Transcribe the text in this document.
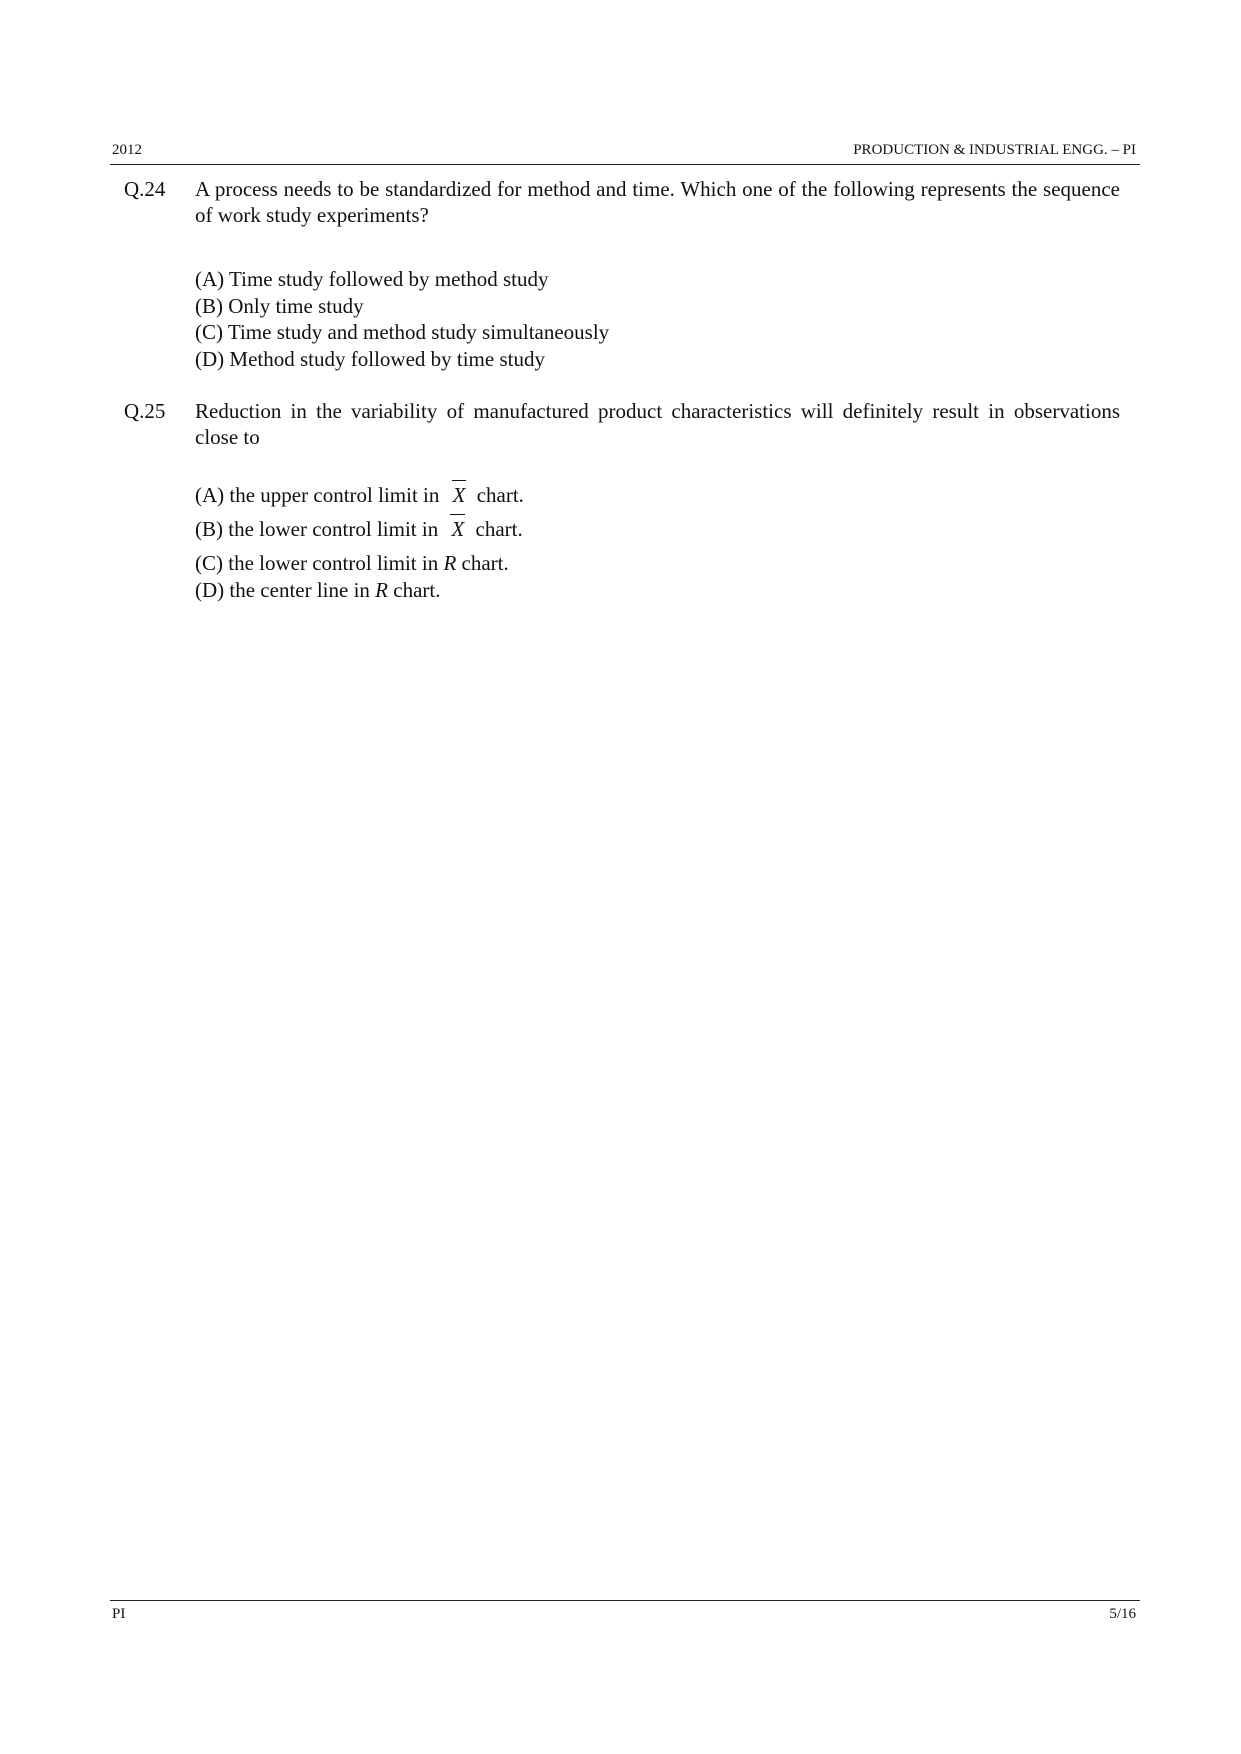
2012	PRODUCTION & INDUSTRIAL ENGG. – PI
Q.24	A process needs to be standardized for method and time. Which one of the following represents the sequence of work study experiments?
(A) Time study followed by method study
(B) Only time study
(C) Time study and method study simultaneously
(D) Method study followed by time study
Q.25	Reduction in the variability of manufactured product characteristics will definitely result in observations close to
(A) the upper control limit in X chart.
(B) the lower control limit in X chart.
(C) the lower control limit in R chart.
(D) the center line in R chart.
PI	5/16
